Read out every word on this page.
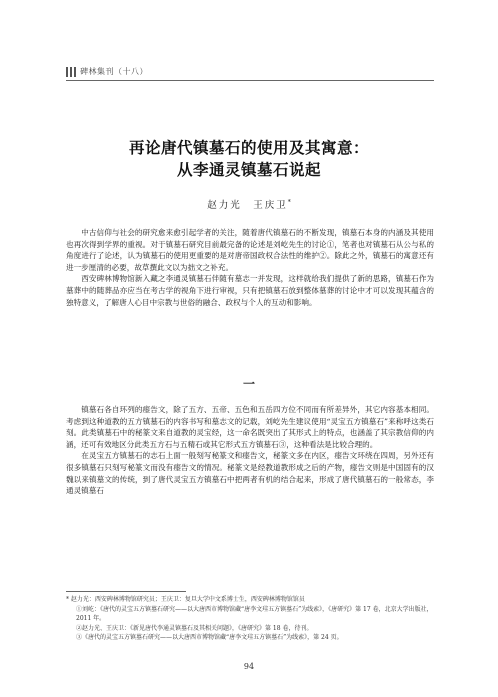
碑林集刊（十八）
再论唐代镇墓石的使用及其寓意：
从李通灵镇墓石说起
赵力光　王庆卫*

中古信仰与社会的研究愈来愈引起学者的关注，随着唐代镇墓石的不断发现，镇墓石本身的内涵及其使用也再次得到学界的重视。对于镇墓石研究目前最完备的论述是刘屹先生的讨论①，笔者也对镇墓石从公与私的角度进行了论述，认为镇墓石的使用更重要的是对唐帝国政权合法性的维护②。除此之外，镇墓石的寓意还有进一步厘清的必要，故草撰此文以为拙文之补充。

西安碑林博物馆新入藏之李通灵镇墓石伴随有墓志一并发现，这样就给我们提供了新的思路，镇墓石作为墓葬中的随葬品亦应当在考古学的视角下进行审视，只有把镇墓石放到整体墓葬的讨论中才可以发现其蕴含的独特意义，了解唐人心目中宗教与世俗的融合、政权与个人的互动和影响。

一

镇墓石各自环列的瘗告文，除了五方、五帝、五色和五岳四方位不同而有所差异外，其它内容基本相同。考虑到这种道教的五方镇墓石的内容书写和墓志文的记载，刘屹先生建议使用“灵宝五方镇墓石”来称呼这类石刻。此类镇墓石中的秘篆文来自道教的灵宝经，这一命名既突出了其形式上的特点，也涵盖了其宗教信仰的内涵，还可有效地区分此类五方石与五精石或其它形式五方镇墓石③，这种看法是比较合理的。

在灵宝五方镇墓石的志石上面一般刻写秘篆文和瘗告文，秘篆文多在内区，瘗告文环绕在四周，另外还有很多镇墓石只刻写秘篆文而没有瘗告文的情况。秘篆文是经教道教形成之后的产物，瘗告文则是中国固有的汉魏以来镇墓文的传统，到了唐代灵宝五方镇墓石中把两者有机的结合起来，形成了唐代镇墓石的一般常态，李通灵镇墓石

* 赵力光：西安碑林博物馆研究员；王庆卫：复旦大学中文系博士生，西安碑林博物馆馆员
①刘屹：《唐代的灵宝五方镇墓石研究——以大唐西市博物馆藏“唐李文珪五方镇墓石”为线索》，《唐研究》第 17 卷，北京大学出版社，2011 年。
②赵力光、王庆卫：《新见唐代李通灵镇墓石及其相关问题》，《唐研究》第 18 卷，待刊。
③《唐代的灵宝五方镇墓石研究——以大唐西市博物馆藏“唐李文珪五方镇墓石”为线索》，第 24 页。
94
